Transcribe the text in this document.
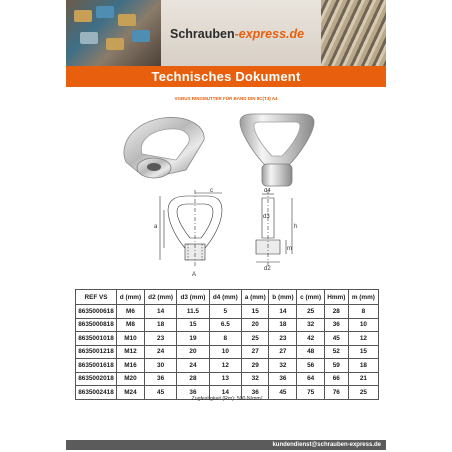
Schrauben-express.de
Technisches Dokument
VGBUS RINGMUTTER FÜR BAND DIN 8C(T4) A4
c
a
d4
d3
d2
m
h
A
REF VS	d (mm)	d2 (mm)	d3 (mm)	d4 (mm)	a (mm)	b (mm)	c (mm)	Hmm)	m (mm)
8635000618	M6	14	11.5	5	15	14	25	28	8
8635000818	M8	18	15	6.5	20	18	32	36	10
8635001018	M10	23	19	8	25	23	42	45	12
8635001218	M12	24	20	10	27	27	48	52	15
8635001618	M16	30	24	12	29	32	56	59	18
8635002018	M20	36	28	13	32	36	64	66	21
8635002418	M24	45	36	14	36	45	75	76	25
Zugfestigkeit (Rm): 500 N/mm²
kundendienst@schrauben-express.de
